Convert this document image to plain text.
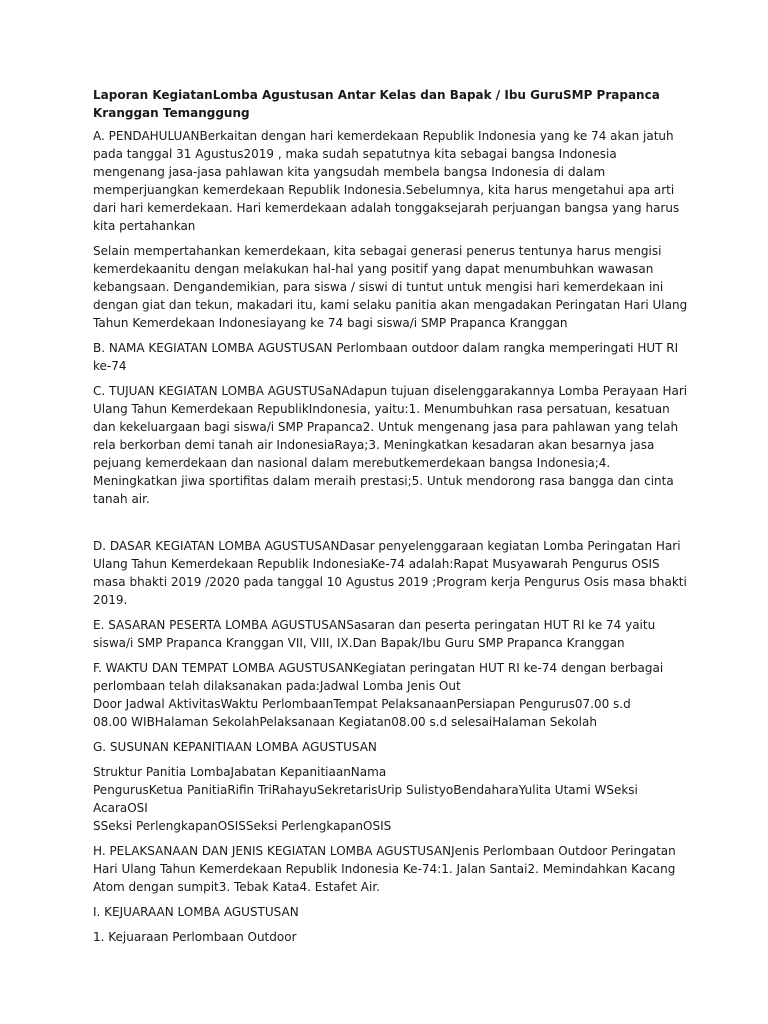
Laporan KegiatanLomba Agustusan Antar Kelas dan Bapak / Ibu GuruSMP Prapanca Kranggan Temanggung

A. PENDAHULUANBerkaitan dengan hari kemerdekaan Republik Indonesia yang ke 74 akan jatuh pada tanggal 31 Agustus2019 , maka sudah sepatutnya kita sebagai bangsa Indonesia mengenang jasa-jasa pahlawan kita yangsudah membela bangsa Indonesia di dalam memperjuangkan kemerdekaan Republik Indonesia.Sebelumnya, kita harus mengetahui apa arti dari hari kemerdekaan. Hari kemerdekaan adalah tonggaksejarah perjuangan bangsa yang harus kita pertahankan

Selain mempertahankan kemerdekaan, kita sebagai generasi penerus tentunya harus mengisi kemerdekaanitu dengan melakukan hal-hal yang positif yang dapat menumbuhkan wawasan kebangsaan. Dengandemikian, para siswa / siswi di tuntut untuk mengisi hari kemerdekaan ini dengan giat dan tekun, makadari itu, kami selaku panitia akan mengadakan Peringatan Hari Ulang Tahun Kemerdekaan Indonesiayang ke 74 bagi siswa/i SMP Prapanca Kranggan

B. NAMA KEGIATAN LOMBA AGUSTUSAN Perlombaan outdoor dalam rangka memperingati HUT RI ke-74

C. TUJUAN KEGIATAN LOMBA AGUSTUSaNAdapun tujuan diselenggarakannya Lomba Perayaan Hari Ulang Tahun Kemerdekaan RepublikIndonesia, yaitu:1. Menumbuhkan rasa persatuan, kesatuan dan kekeluargaan bagi siswa/i SMP Prapanca2. Untuk mengenang jasa para pahlawan yang telah rela berkorban demi tanah air IndonesiaRaya;3. Meningkatkan kesadaran akan besarnya jasa pejuang kemerdekaan dan nasional dalam merebutkemerdekaan bangsa Indonesia;4. Meningkatkan jiwa sportifitas dalam meraih prestasi;5. Untuk mendorong rasa bangga dan cinta tanah air.

D. DASAR KEGIATAN LOMBA AGUSTUSANDasar penyelenggaraan kegiatan Lomba Peringatan Hari Ulang Tahun Kemerdekaan Republik IndonesiaKe-74 adalah:Rapat Musyawarah Pengurus OSIS masa bhakti 2019 /2020 pada tanggal 10 Agustus 2019 ;Program kerja Pengurus Osis masa bhakti 2019.

E. SASARAN PESERTA LOMBA AGUSTUSANSasaran dan peserta peringatan HUT RI ke 74 yaitu siswa/i SMP Prapanca Kranggan VII, VIII, IX.Dan Bapak/Ibu Guru SMP Prapanca Kranggan

F. WAKTU DAN TEMPAT LOMBA AGUSTUSANKegiatan peringatan HUT RI ke-74 dengan berbagai perlombaan telah dilaksanakan pada:Jadwal Lomba Jenis Out
Door Jadwal AktivitasWaktu PerlombaanTempat PelaksanaanPersiapan Pengurus07.00 s.d
08.00 WIBHalaman SekolahPelaksanaan Kegiatan08.00 s.d selesaiHalaman Sekolah

G. SUSUNAN KEPANITIAAN LOMBA AGUSTUSAN

Struktur Panitia LombaJabatan KepanitiaanNama
PengurusKetua PanitiaRifin TriRahayuSekretarisUrip SulistyoBendaharaYulita Utami WSeksi AcaraOSI
SSeksi PerlengkapanOSISSeksi PerlengkapanOSIS

H. PELAKSANAAN DAN JENIS KEGIATAN LOMBA AGUSTUSANJenis Perlombaan Outdoor Peringatan Hari Ulang Tahun Kemerdekaan Republik Indonesia Ke-74:1. Jalan Santai2. Memindahkan Kacang Atom dengan sumpit3. Tebak Kata4. Estafet Air.

I. KEJUARAAN LOMBA AGUSTUSAN

1. Kejuaraan Perlombaan Outdoor
